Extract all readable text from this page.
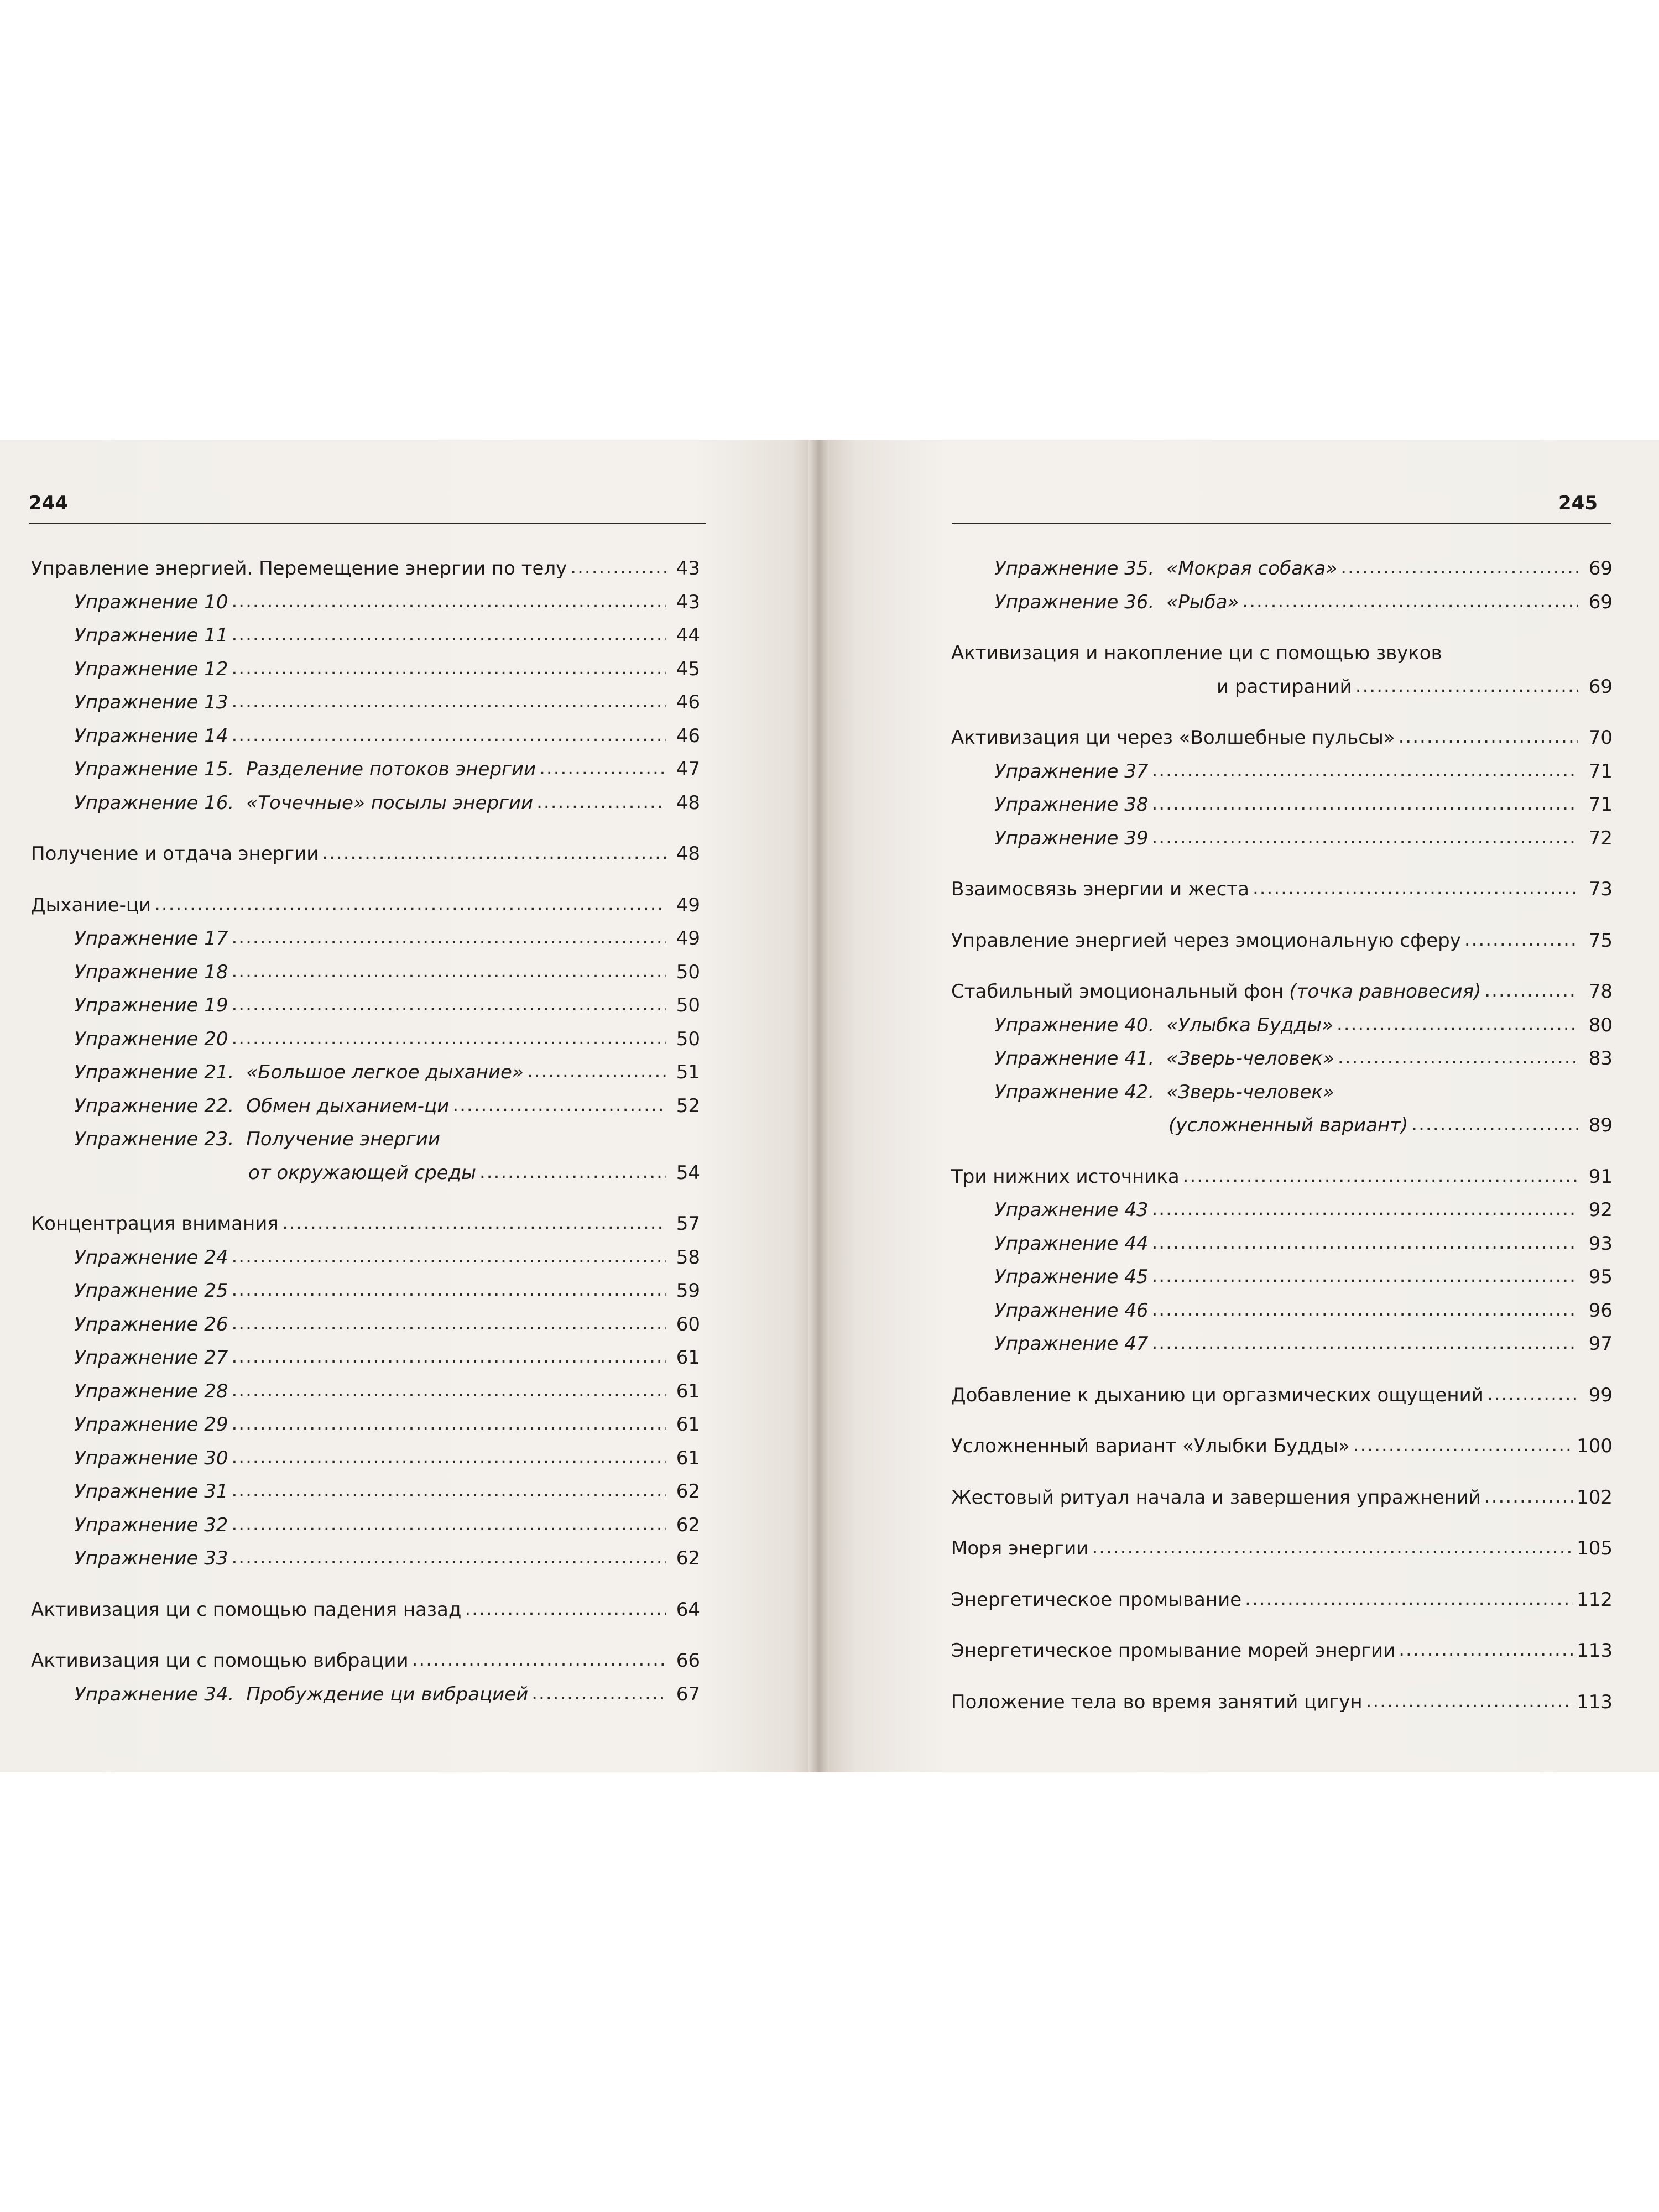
244	245
Управление энергией. Перемещение энергии по телу .....	43
Упражнение 10 .....	43
Упражнение 11 .....	44
Упражнение 12 .....	45
Упражнение 13 .....	46
Упражнение 14 .....	46
Упражнение 15. Разделение потоков энергии .....	47
Упражнение 16. «Точечные» посылы энергии .....	48
Получение и отдача энергии .....	48
Дыхание-ци .....	49
Упражнение 17 .....	49
Упражнение 18 .....	50
Упражнение 19 .....	50
Упражнение 20 .....	50
Упражнение 21. «Большое легкое дыхание» .....	51
Упражнение 22. Обмен дыханием-ци .....	52
Упражнение 23. Получение энергии
от окружающей среды .....	54
Концентрация внимания .....	57
Упражнение 24 .....	58
Упражнение 25 .....	59
Упражнение 26 .....	60
Упражнение 27 .....	61
Упражнение 28 .....	61
Упражнение 29 .....	61
Упражнение 30 .....	61
Упражнение 31 .....	62
Упражнение 32 .....	62
Упражнение 33 .....	62
Активизация ци с помощью падения назад .....	64
Активизация ци с помощью вибрации .....	66
Упражнение 34. Пробуждение ци вибрацией .....	67
Упражнение 35. «Мокрая собака» .....	69
Упражнение 36. «Рыба» .....	69
Активизация и накопление ци с помощью звуков
и растираний .....	69
Активизация ци через «Волшебные пульсы» .....	70
Упражнение 37 .....	71
Упражнение 38 .....	71
Упражнение 39 .....	72
Взаимосвязь энергии и жеста .....	73
Управление энергией через эмоциональную сферу .....	75
Стабильный эмоциональный фон (точка равновесия) .....	78
Упражнение 40. «Улыбка Будды» .....	80
Упражнение 41. «Зверь-человек» .....	83
Упражнение 42. «Зверь-человек»
(усложненный вариант) .....	89
Три нижних источника .....	91
Упражнение 43 .....	92
Упражнение 44 .....	93
Упражнение 45 .....	95
Упражнение 46 .....	96
Упражнение 47 .....	97
Добавление к дыханию ци оргазмических ощущений .....	99
Усложненный вариант «Улыбки Будды» .....	100
Жестовый ритуал начала и завершения упражнений .....	102
Моря энергии .....	105
Энергетическое промывание .....	112
Энергетическое промывание морей энергии .....	113
Положение тела во время занятий цигун .....	113
